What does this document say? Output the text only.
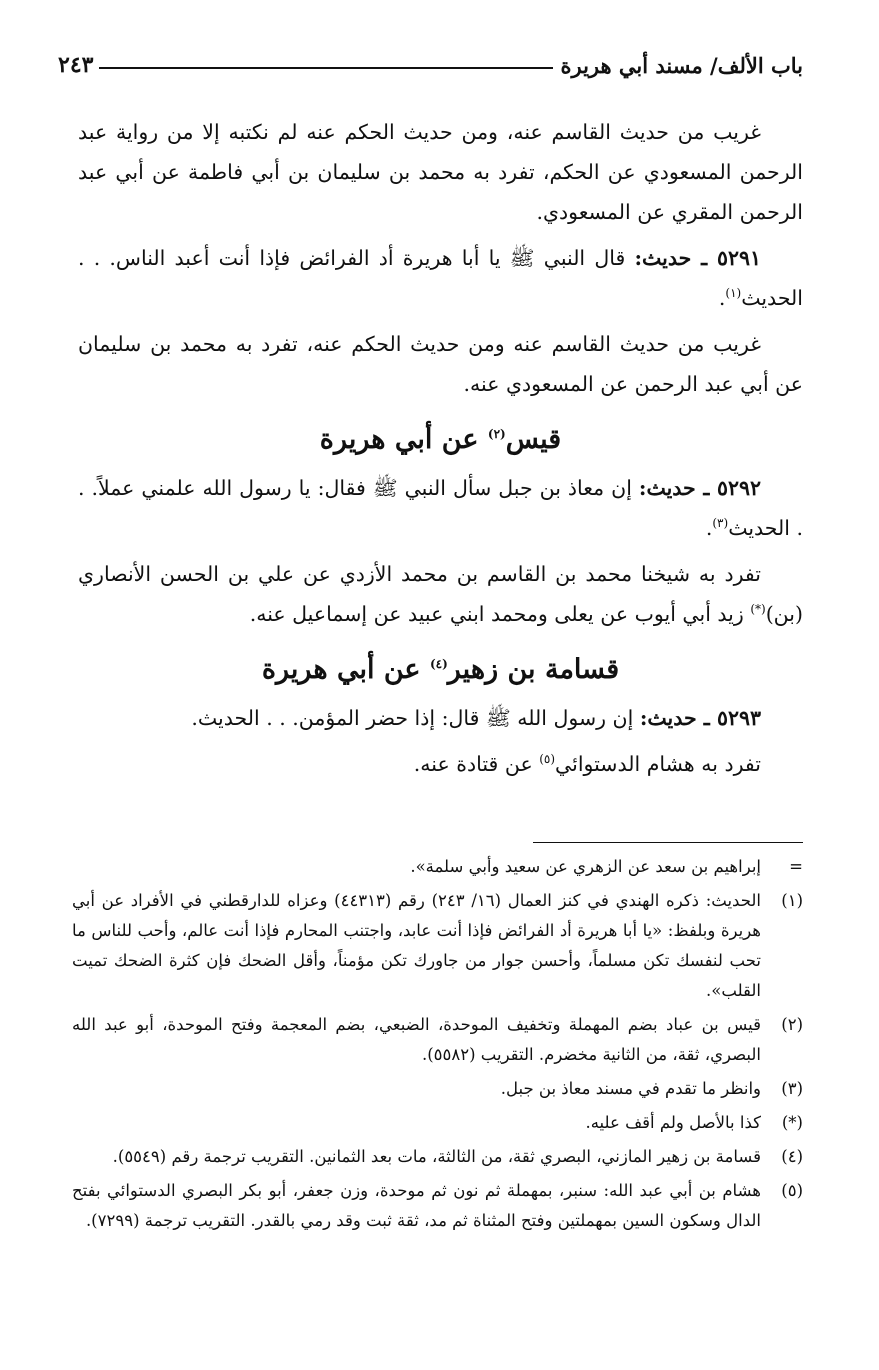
باب الألف/ مسند أبي هريرة
٢٤٣

غريب من حديث القاسم عنه، ومن حديث الحكم عنه لم نكتبه إلا من رواية عبد الرحمن المسعودي عن الحكم، تفرد به محمد بن سليمان بن أبي فاطمة عن أبي عبد الرحمن المقري عن المسعودي.

٥٢٩١ ـ حديث: قال النبي ﷺ يا أبا هريرة أد الفرائض فإذا أنت أعبد الناس. . . الحديث$^{(١)}$.

غريب من حديث القاسم عنه ومن حديث الحكم عنه، تفرد به محمد بن سليمان عن أبي عبد الرحمن عن المسعودي عنه.

قيس$^{(٢)}$ عن أبي هريرة

٥٢٩٢ ـ حديث: إن معاذ بن جبل سأل النبي ﷺ فقال: يا رسول الله علمني عملاً. . . الحديث$^{(٣)}$.

تفرد به شيخنا محمد بن القاسم بن محمد الأزدي عن علي بن الحسن الأنصاري (بن)(*) زيد أبي أيوب عن يعلى ومحمد ابني عبيد عن إسماعيل عنه.

قسامة بن زهير$^{(٤)}$ عن أبي هريرة

٥٢٩٣ ـ حديث: إن رسول الله ﷺ قال: إذا حضر المؤمن. . . الحديث.

تفرد به هشام الدستوائي$^{(٥)}$ عن قتادة عنه.

=
إبراهيم بن سعد عن الزهري عن سعيد وأبي سلمة».
(١)
الحديث: ذكره الهندي في كنز العمال (١٦/ ٢٤٣) رقم (٤٤٣١٣) وعزاه للدارقطني في الأفراد عن أبي هريرة وبلفظ: «يا أبا هريرة أد الفرائض فإذا أنت عابد، واجتنب المحارم فإذا أنت عالم، وأحب للناس ما تحب لنفسك تكن مسلماً، وأحسن جوار من جاورك تكن مؤمناً، وأقل الضحك فإن كثرة الضحك تميت القلب».
(٢)
قيس بن عباد بضم المهملة وتخفيف الموحدة، الضبعي، بضم المعجمة وفتح الموحدة، أبو عبد الله البصري، ثقة، من الثانية مخضرم. التقريب (٥٥٨٢).
(٣)
وانظر ما تقدم في مسند معاذ بن جبل.
(*)
كذا بالأصل ولم أقف عليه.
(٤)
قسامة بن زهير المازني، البصري ثقة، من الثالثة، مات بعد الثمانين. التقريب ترجمة رقم (٥٥٤٩).
(٥)
هشام بن أبي عبد الله: سنبر، بمهملة ثم نون ثم موحدة، وزن جعفر، أبو بكر البصري الدستوائي بفتح الدال وسكون السين بمهملتين وفتح المثناة ثم مد، ثقة ثبت وقد رمي بالقدر. التقريب ترجمة (٧٢٩٩).
